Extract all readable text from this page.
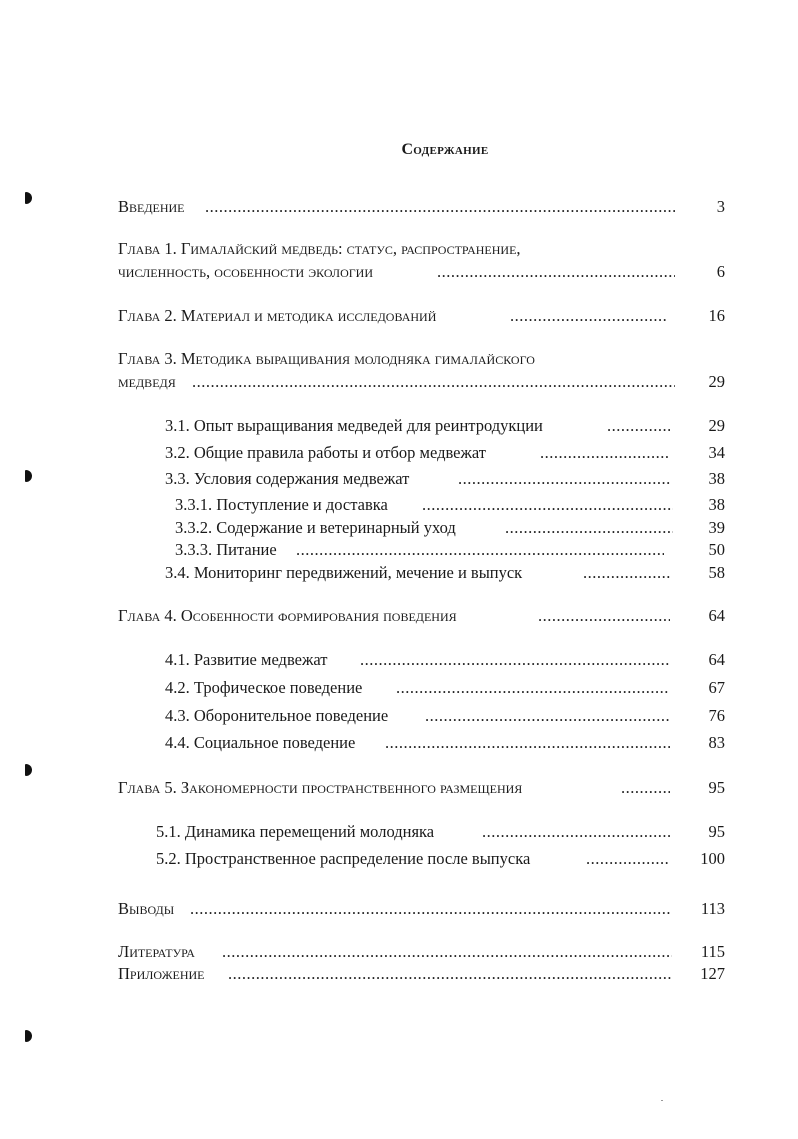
Содержание
Введение .....	3
Глава 1. Гималайский медведь: статус, распространение,
численность, особенности экологии .....	6
Глава 2. Материал и методика исследований .....	16
Глава 3. Методика выращивания молодняка гималайского
медведя .....	29
3.1. Опыт выращивания медведей для реинтродукции .....	29
3.2. Общие правила работы и отбор медвежат .....	34
3.3. Условия содержания медвежат .....	38
3.3.1. Поступление и доставка .....	38
3.3.2. Содержание и ветеринарный уход .....	39
3.3.3. Питание .....	50
3.4. Мониторинг передвижений, мечение и выпуск .....	58
Глава 4. Особенности формирования поведения .....	64
4.1. Развитие медвежат .....	64
4.2. Трофическое поведение .....	67
4.3. Оборонительное поведение .....	76
4.4. Социальное поведение .....	83
Глава 5. Закономерности пространственного размещения .....	95
5.1. Динамика перемещений молодняка .....	95
5.2. Пространственное распределение после выпуска .....	100
Выводы .....	113
Литература .....	115
Приложение .....	127
